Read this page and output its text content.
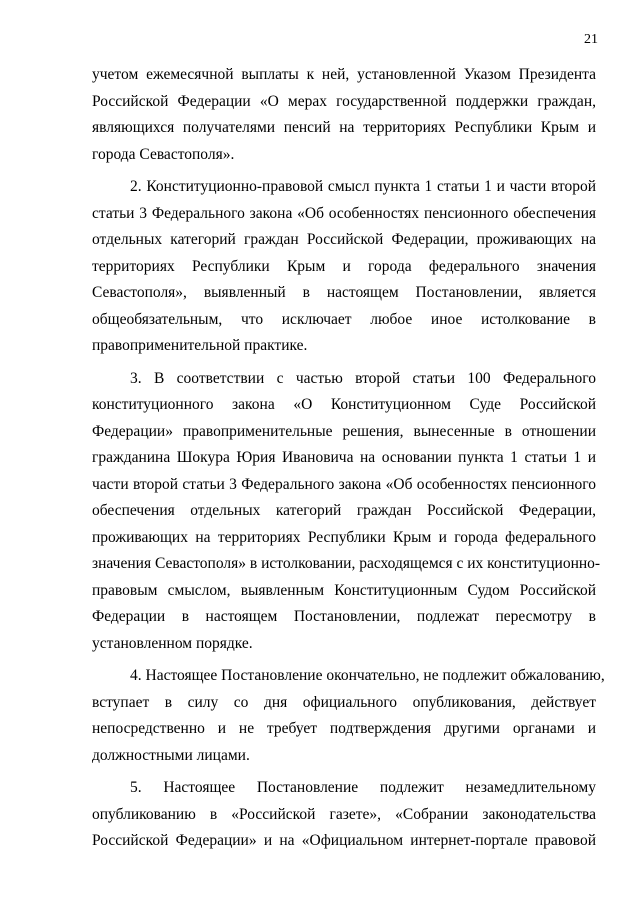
21
учетом ежемесячной выплаты к ней, установленной Указом Президента
Российской Федерации «О мерах государственной поддержки граждан,
являющихся получателями пенсий на территориях Республики Крым и
города Севастополя».
2. Конституционно-правовой смысл пункта 1 статьи 1 и части второй
статьи 3 Федерального закона «Об особенностях пенсионного обеспечения
отдельных категорий граждан Российской Федерации, проживающих на
территориях Республики Крым и города федерального значения
Севастополя», выявленный в настоящем Постановлении, является
общеобязательным, что исключает любое иное истолкование в
правоприменительной практике.
3. В соответствии с частью второй статьи 100 Федерального
конституционного закона «О Конституционном Суде Российской
Федерации» правоприменительные решения, вынесенные в отношении
гражданина Шокура Юрия Ивановича на основании пункта 1 статьи 1 и
части второй статьи 3 Федерального закона «Об особенностях пенсионного
обеспечения отдельных категорий граждан Российской Федерации,
проживающих на территориях Республики Крым и города федерального
значения Севастополя» в истолковании, расходящемся с их конституционно-
правовым смыслом, выявленным Конституционным Судом Российской
Федерации в настоящем Постановлении, подлежат пересмотру в
установленном порядке.
4. Настоящее Постановление окончательно, не подлежит обжалованию,
вступает в силу со дня официального опубликования, действует
непосредственно и не требует подтверждения другими органами и
должностными лицами.
5. Настоящее Постановление подлежит незамедлительному
опубликованию в «Российской газете», «Собрании законодательства
Российской Федерации» и на «Официальном интернет-портале правовой
